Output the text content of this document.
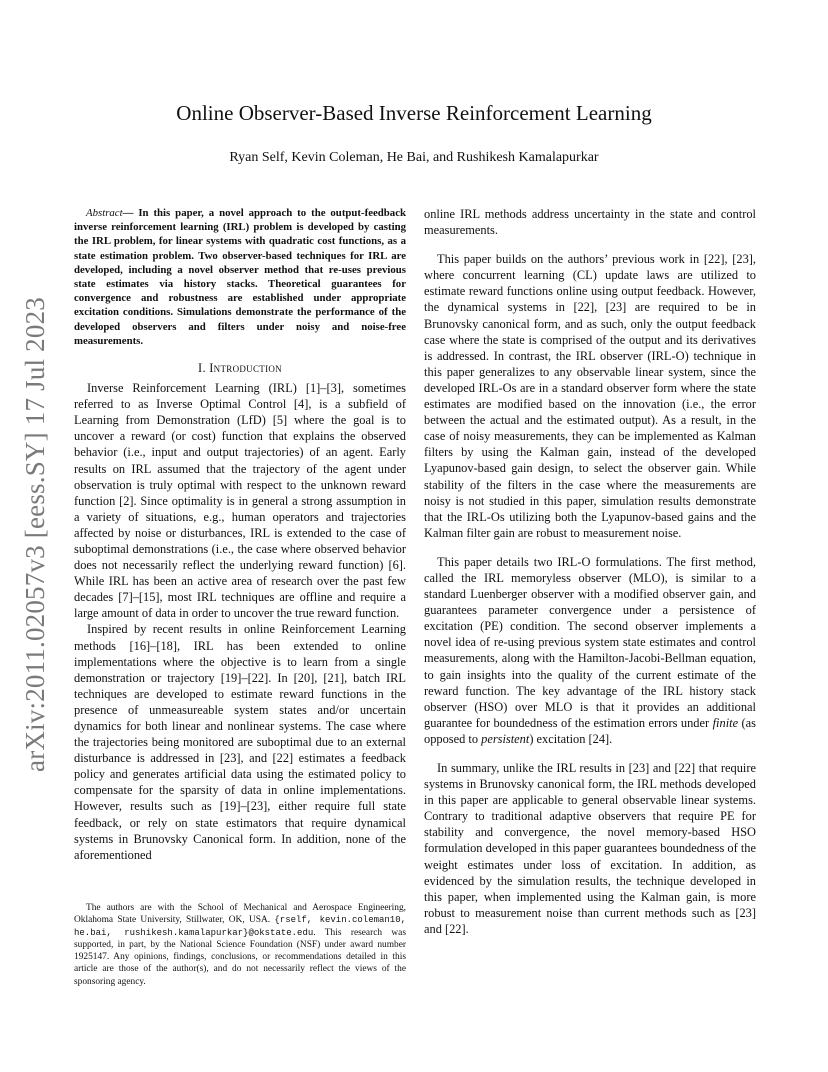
arXiv:2011.02057v3 [eess.SY] 17 Jul 2023
Online Observer-Based Inverse Reinforcement Learning
Ryan Self, Kevin Coleman, He Bai, and Rushikesh Kamalapurkar

Abstract— In this paper, a novel approach to the output-feedback inverse reinforcement learning (IRL) problem is developed by casting the IRL problem, for linear systems with quadratic cost functions, as a state estimation problem. Two observer-based techniques for IRL are developed, including a novel observer method that re-uses previous state estimates via history stacks. Theoretical guarantees for convergence and robustness are established under appropriate excitation conditions. Simulations demonstrate the performance of the developed observers and filters under noisy and noise-free measurements.

I. Introduction

Inverse Reinforcement Learning (IRL) [1]–[3], sometimes referred to as Inverse Optimal Control [4], is a subfield of Learning from Demonstration (LfD) [5] where the goal is to uncover a reward (or cost) function that explains the observed behavior (i.e., input and output trajectories) of an agent. Early results on IRL assumed that the trajectory of the agent under observation is truly optimal with respect to the unknown reward function [2]. Since optimality is in general a strong assumption in a variety of situations, e.g., human operators and trajectories affected by noise or disturbances, IRL is extended to the case of suboptimal demonstrations (i.e., the case where observed behavior does not necessarily reflect the underlying reward function) [6]. While IRL has been an active area of research over the past few decades [7]–[15], most IRL techniques are offline and require a large amount of data in order to uncover the true reward function.

Inspired by recent results in online Reinforcement Learning methods [16]–[18], IRL has been extended to online implementations where the objective is to learn from a single demonstration or trajectory [19]–[22]. In [20], [21], batch IRL techniques are developed to estimate reward functions in the presence of unmeasureable system states and/or uncertain dynamics for both linear and nonlinear systems. The case where the trajectories being monitored are suboptimal due to an external disturbance is addressed in [23], and [22] estimates a feedback policy and generates artificial data using the estimated policy to compensate for the sparsity of data in online implementations. However, results such as [19]–[23], either require full state feedback, or rely on state estimators that require dynamical systems in Brunovsky Canonical form. In addition, none of the aforementioned

The authors are with the School of Mechanical and Aerospace Engineering, Oklahoma State University, Stillwater, OK, USA. {rself, kevin.coleman10, he.bai, rushikesh.kamalapurkar}@okstate.edu. This research was supported, in part, by the National Science Foundation (NSF) under award number 1925147. Any opinions, findings, conclusions, or recommendations detailed in this article are those of the author(s), and do not necessarily reflect the views of the sponsoring agency.

online IRL methods address uncertainty in the state and control measurements.

This paper builds on the authors’ previous work in [22], [23], where concurrent learning (CL) update laws are utilized to estimate reward functions online using output feedback. However, the dynamical systems in [22], [23] are required to be in Brunovsky canonical form, and as such, only the output feedback case where the state is comprised of the output and its derivatives is addressed. In contrast, the IRL observer (IRL-O) technique in this paper generalizes to any observable linear system, since the developed IRL-Os are in a standard observer form where the state estimates are modified based on the innovation (i.e., the error between the actual and the estimated output). As a result, in the case of noisy measurements, they can be implemented as Kalman filters by using the Kalman gain, instead of the developed Lyapunov-based gain design, to select the observer gain. While stability of the filters in the case where the measurements are noisy is not studied in this paper, simulation results demonstrate that the IRL-Os utilizing both the Lyapunov-based gains and the Kalman filter gain are robust to measurement noise.

This paper details two IRL-O formulations. The first method, called the IRL memoryless observer (MLO), is similar to a standard Luenberger observer with a modified observer gain, and guarantees parameter convergence under a persistence of excitation (PE) condition. The second observer implements a novel idea of re-using previous system state estimates and control measurements, along with the Hamilton-Jacobi-Bellman equation, to gain insights into the quality of the current estimate of the reward function. The key advantage of the IRL history stack observer (HSO) over MLO is that it provides an additional guarantee for boundedness of the estimation errors under finite (as opposed to persistent) excitation [24].

In summary, unlike the IRL results in [23] and [22] that require systems in Brunovsky canonical form, the IRL methods developed in this paper are applicable to general observable linear systems. Contrary to traditional adaptive observers that require PE for stability and convergence, the novel memory-based HSO formulation developed in this paper guarantees boundedness of the weight estimates under loss of excitation. In addition, as evidenced by the simulation results, the technique developed in this paper, when implemented using the Kalman gain, is more robust to measurement noise than current methods such as [23] and [22].
